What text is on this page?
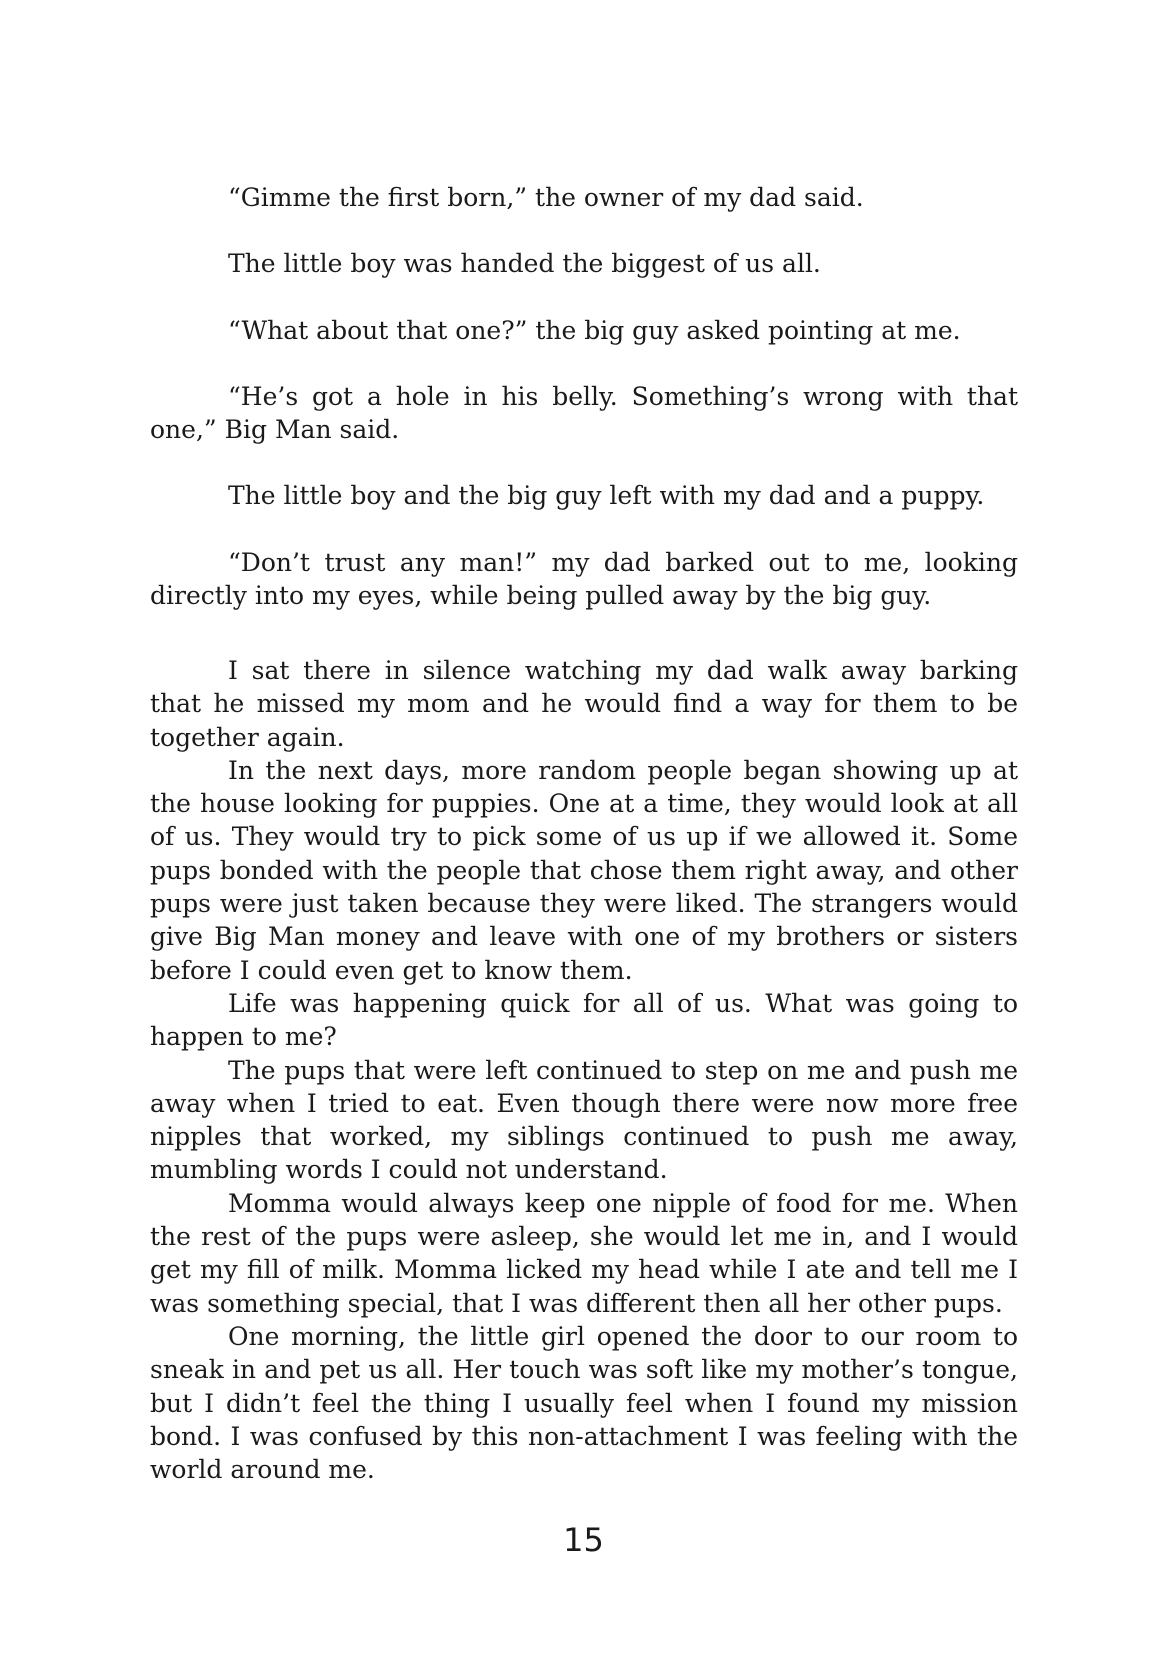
“Gimme the first born,” the owner of my dad said.

The little boy was handed the biggest of us all.

“What about that one?” the big guy asked pointing at me.

“He’s got a hole in his belly. Something’s wrong with that one,” Big Man said.

The little boy and the big guy left with my dad and a puppy.

“Don’t trust any man!” my dad barked out to me, looking directly into my eyes, while being pulled away by the big guy.

I sat there in silence watching my dad walk away barking that he missed my mom and he would find a way for them to be together again.

In the next days, more random people began showing up at the house looking for puppies. One at a time, they would look at all of us. They would try to pick some of us up if we allowed it. Some pups bonded with the people that chose them right away, and other pups were just taken because they were liked. The strangers would give Big Man money and leave with one of my brothers or sisters before I could even get to know them.

Life was happening quick for all of us. What was going to happen to me?

The pups that were left continued to step on me and push me away when I tried to eat. Even though there were now more free nipples that worked, my siblings continued to push me away, mumbling words I could not understand.

Momma would always keep one nipple of food for me. When the rest of the pups were asleep, she would let me in, and I would get my fill of milk. Momma licked my head while I ate and tell me I was something special, that I was different then all her other pups.

One morning, the little girl opened the door to our room to sneak in and pet us all. Her touch was soft like my mother’s tongue, but I didn’t feel the thing I usually feel when I found my mission bond. I was confused by this non-attachment I was feeling with the world around me.

15
